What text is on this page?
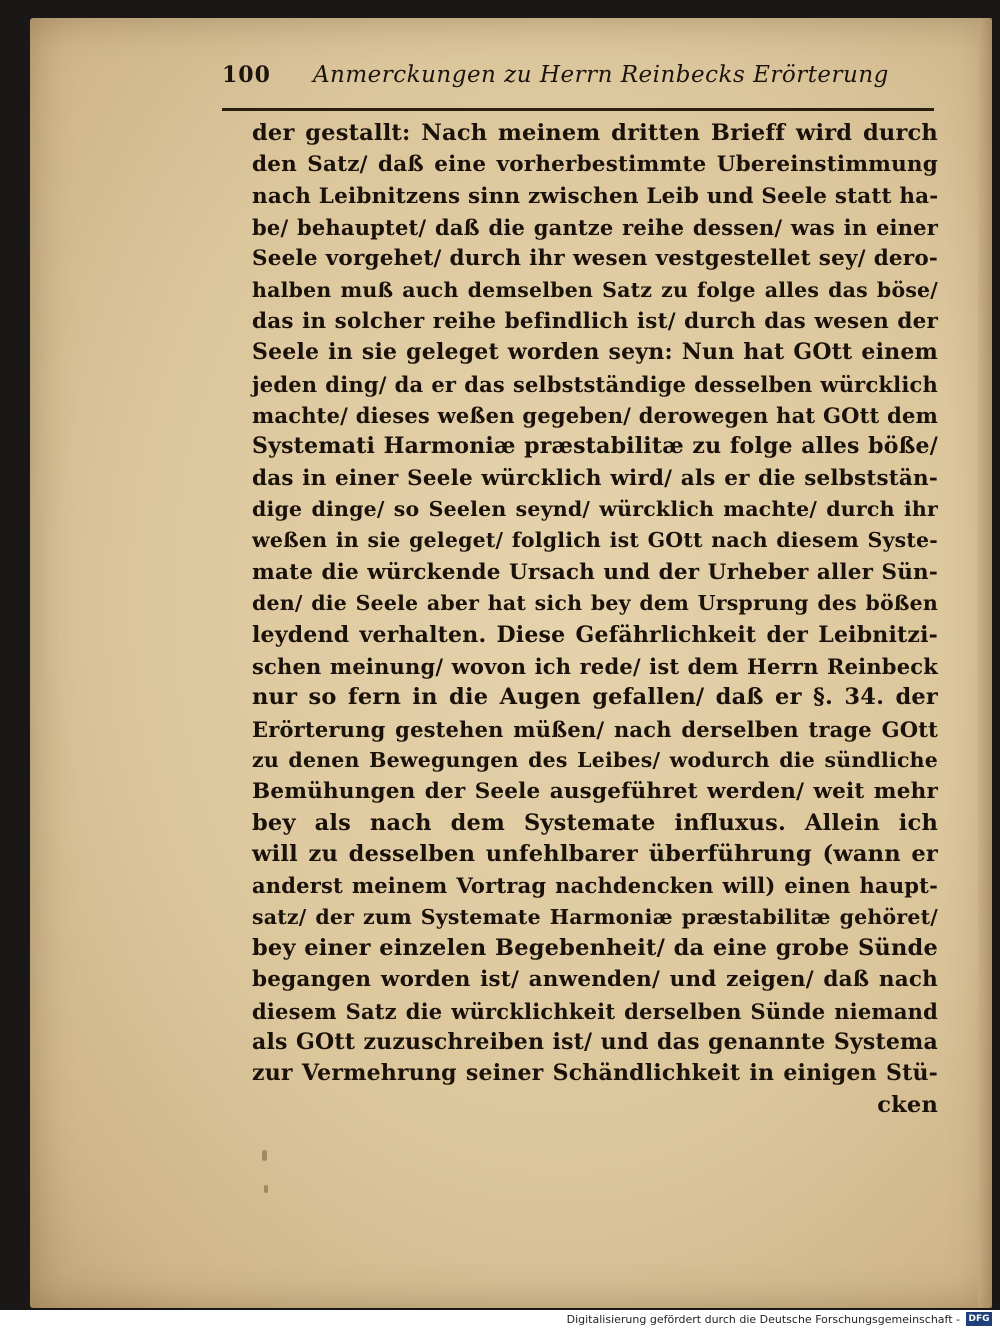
100 Anmerckungen zu Herrn Reinbecks Erörterung
der gestallt: Nach meinem dritten Brieff wird durch
den Satz/ daß eine vorherbestimmte Ubereinstimmung
nach Leibnitzens sinn zwischen Leib und Seele statt ha-
be/ behauptet/ daß die gantze reihe dessen/ was in einer
Seele vorgehet/ durch ihr wesen vestgestellet sey/ dero-
halben muß auch demselben Satz zu folge alles das böse/
das in solcher reihe befindlich ist/ durch das wesen der
Seele in sie geleget worden seyn: Nun hat GOtt einem
jeden ding/ da er das selbstständige desselben würcklich
machte/ dieses weßen gegeben/ derowegen hat GOtt dem
Systemati Harmoniæ præstabilitæ zu folge alles böße/
das in einer Seele würcklich wird/ als er die selbststän-
dige dinge/ so Seelen seynd/ würcklich machte/ durch ihr
weßen in sie geleget/ folglich ist GOtt nach diesem Syste-
mate die würckende Ursach und der Urheber aller Sün-
den/ die Seele aber hat sich bey dem Ursprung des bößen
leydend verhalten. Diese Gefährlichkeit der Leibnitzi-
schen meinung/ wovon ich rede/ ist dem Herrn Reinbeck
nur so fern in die Augen gefallen/ daß er §. 34. der
Erörterung gestehen müßen/ nach derselben trage GOtt
zu denen Bewegungen des Leibes/ wodurch die sündliche
Bemühungen der Seele ausgeführet werden/ weit mehr
bey als nach dem Systemate influxus. Allein ich
will zu desselben unfehlbarer überführung (wann er
anderst meinem Vortrag nachdencken will) einen haupt-
satz/ der zum Systemate Harmoniæ præstabilitæ gehöret/
bey einer einzelen Begebenheit/ da eine grobe Sünde
begangen worden ist/ anwenden/ und zeigen/ daß nach
diesem Satz die würcklichkeit derselben Sünde niemand
als GOtt zuzuschreiben ist/ und das genannte Systema
zur Vermehrung seiner Schändlichkeit in einigen Stü-
cken
Digitalisierung gefördert durch die Deutsche Forschungsgemeinschaft - DFG
